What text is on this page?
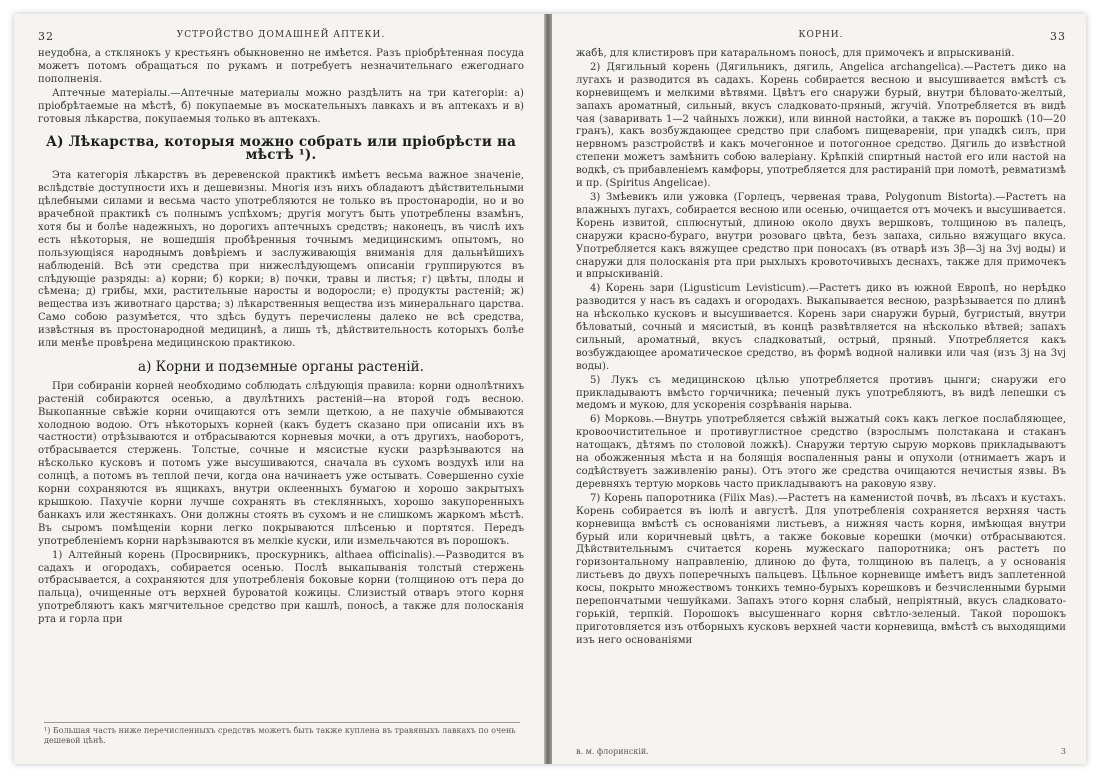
32	УСТРОЙСТВО ДОМАШНЕЙ АПТЕКИ.

неудобна, а стклянокъ у крестьянъ обыкновенно не имѣется. Разъ пріобрѣтенная посуда можетъ потомъ обращаться по рукамъ и потребуетъ незначительнаго ежегоднаго пополненія.

Аптечные матеріалы.—Аптечные материалы можно раздѣлить на три категоріи: а) пріобрѣтаемые на мѣстѣ, б) покупаемые въ москательныхъ лавкахъ и въ аптекахъ и в) готовыя лѣкарства, покупаемыя только въ аптекахъ.

А) Лѣкарства, которыя можно собрать или пріобрѣсти на мѣстѣ ¹).

Эта категорія лѣкарствъ въ деревенской практикѣ имѣетъ весьма важное значеніе, вслѣдствіе доступности ихъ и дешевизны. Многія изъ нихъ обладаютъ дѣйствительными цѣлебными силами и весьма часто употребляются не только въ простонародіи, но и во врачебной практикѣ съ полнымъ успѣхомъ; другія могутъ быть употреблены взамѣнъ, хотя бы и болѣе надежныхъ, но дорогихъ аптечныхъ средствъ; наконецъ, въ числѣ ихъ есть нѣкоторыя, не вошедшія пробѣренныя точнымъ медицинскимъ опытомъ, но пользующіяся народнымъ довѣріемъ и заслуживающія вниманія для дальнѣйшихъ наблюденій. Всѣ эти средства при нижеслѣдующемъ описаніи группируются въ слѣдующіе разряды: а) корни; б) корки; в) почки, травы и листья; г) цвѣты, плоды и сѣмена; д) грибы, мхи, растительные наросты и водоросли; е) продукты растеній; ж) вещества изъ животнаго царства; з) лѣкарственныя вещества изъ минеральнаго царства. Само собою разумѣется, что здѣсь будутъ перечислены далеко не всѣ средства, извѣстныя въ простонародной медицинѣ, а лишь тѣ, дѣйствительность которыхъ болѣе или менѣе провѣрена медицинскою практикою.

а) Корни и подземные органы растеній.

При собираніи корней необходимо соблюдать слѣдующія правила: корни однолѣтнихъ растеній собираются осенью, а двулѣтнихъ растеній—на второй годъ весною. Выкопанные свѣжіе корни очищаются отъ земли щеткою, а не пахучіе обмываются холодною водою. Отъ нѣкоторыхъ корней (какъ будетъ сказано при описаніи ихъ въ частности) отрѣзываются и отбрасываются корневыя мочки, а отъ другихъ, наоборотъ, отбрасывается стержень. Толстые, сочные и мясистые куски разрѣзываются на нѣсколько кусковъ и потомъ уже высушиваются, сначала въ сухомъ воздухѣ или на солнцѣ, а потомъ въ теплой печи, когда она начинаетъ уже остывать. Совершенно сухіе корни сохраняются въ ящикахъ, внутри оклеенныхъ бумагою и хорошо закрытыхъ крышкою. Пахучіе корни лучше сохранять въ стеклянныхъ, хорошо закупоренныхъ банкахъ или жестянкахъ. Они должны стоять въ сухомъ и не слишкомъ жаркомъ мѣстѣ. Въ сыромъ помѣщеніи корни легко покрываются плѣсенью и портятся. Передъ употребленіемъ корни нарѣзываются въ мелкіе куски, или измельчаются въ порошокъ.

1) Алтейный корень (Просвирникъ, проскурникъ, althaea officinalis).—Разводится въ садахъ и огородахъ, собирается осенью. Послѣ выкапыванія толстый стержень отбрасывается, а сохраняются для употребленія боковые корни (толщиною отъ пера до пальца), очищенные отъ верхней буроватой кожицы. Слизистый отваръ этого корня употребляютъ какъ мягчительное средство при кашлѣ, поносѣ, а также для полосканія рта и горла при

¹) Большая часть ниже перечисленныхъ средствъ можетъ быть также куплена въ травяныхъ лавкахъ по очень дешевой цѣнѣ.
КОРНИ.	33

жабѣ, для клистировъ при катаральномъ поносѣ, для примочекъ и впрыскиваній.

2) Дягильный корень (Дягильникъ, дягиль, Angelica archangelica).—Растетъ дико на лугахъ и разводится въ садахъ. Корень собирается весною и высушивается вмѣстѣ съ корневищемъ и мелкими вѣтвями. Цвѣтъ его снаружи бурый, внутри бѣловато-желтый, запахъ ароматный, сильный, вкусъ сладковато-пряный, жгучій. Употребляется въ видѣ чая (заваривать 1—2 чайныхъ ложки), или винной настойки, а также въ порошкѣ (10—20 гранъ), какъ возбуждающее средство при слабомъ пищевареніи, при упадкѣ силъ, при нервномъ разстройствѣ и какъ мочегонное и потогонное средство. Дягиль до извѣстной степени можетъ замѣнить собою валеріану. Крѣпкій спиртный настой его или настой на водкѣ, съ прибавленіемъ камфоры, употребляется для растираній при ломотѣ, ревматизмѣ и пр. (Spiritus Angelicae).

3) Змѣевикъ или ужовка (Горлецъ, червеная трава, Polygonum Bistorta).—Растетъ на влажныхъ лугахъ, собирается весною или осенью, очищается отъ мочекъ и высушивается. Корень извитой, сплюснутый, длиною около двухъ вершковъ, толщиною въ палецъ, снаружи красно-бураго, внутри розоваго цвѣта, безъ запаха, сильно вяжущаго вкуса. Употребляется какъ вяжущее средство при поносахъ (въ отварѣ изъ 3β—3j на 3vj воды) и снаружи для полосканія рта при рыхлыхъ кровоточивыхъ деснахъ, также для примочекъ и впрыскиваній.

4) Корень зари (Ligusticum Levisticum).—Растетъ дико въ южной Европѣ, но нерѣдко разводится у насъ въ садахъ и огородахъ. Выкапывается весною, разрѣзывается по длинѣ на нѣсколько кусковъ и высушивается. Корень зари снаружи бурый, бугристый, внутри бѣловатый, сочный и мясистый, въ концѣ развѣтвляется на нѣсколько вѣтвей; запахъ сильный, ароматный, вкусъ сладковатый, острый, пряный. Употребляется какъ возбуждающее ароматическое средство, въ формѣ водной наливки или чая (изъ 3j на 3vj воды).

5) Лукъ съ медицинскою цѣлью употребляется противъ цынги; снаружи его прикладываютъ вмѣсто горчичника; печеный лукъ употребляютъ, въ видѣ лепешки съ медомъ и мукою, для ускоренія созрѣванія нарыва.

6) Морковь.—Внутрь употребляется свѣжій выжатый сокъ какъ легкое послабляющее, кровоочистительное и противуглистное средство (взрослымъ полстакана и стаканъ натощакъ, дѣтямъ по столовой ложкѣ). Снаружи тертую сырую морковь прикладываютъ на обожженныя мѣста и на болящія воспаленныя раны и опухоли (отнимаетъ жаръ и содѣйствуетъ заживленію раны). Отъ этого же средства очищаются нечистыя язвы. Въ деревняхъ тертую морковь часто прикладываютъ на раковую язву.

7) Корень папоротника (Filix Mas).—Растетъ на каменистой почвѣ, въ лѣсахъ и кустахъ. Корень собирается въ іюлѣ и августѣ. Для употребленія сохраняется верхняя часть корневища вмѣстѣ съ основаніями листьевъ, а нижняя часть корня, имѣющая внутри бурый или коричневый цвѣтъ, а также боковые корешки (мочки) отбрасываются. Дѣйствительнымъ считается корень мужескаго папоротника; онъ растетъ по горизонтальному направленію, длиною до фута, толщиною въ палецъ, а у основанія листьевъ до двухъ поперечныхъ пальцевъ. Цѣльное корневище имѣетъ видъ заплетенной косы, покрыто множествомъ тонкихъ темно-бурыхъ корешковъ и безчисленными бурыми перепончатыми чешуйками. Запахъ этого корня слабый, непріятный, вкусъ сладковато-горькій, терпкій. Порошокъ высушеннаго корня свѣтло-зеленый. Такой порошокъ приготовляется изъ отборныхъ кусковъ верхней части корневища, вмѣстѣ съ выходящими изъ него основаніями

в. м. флоринскій.	3
